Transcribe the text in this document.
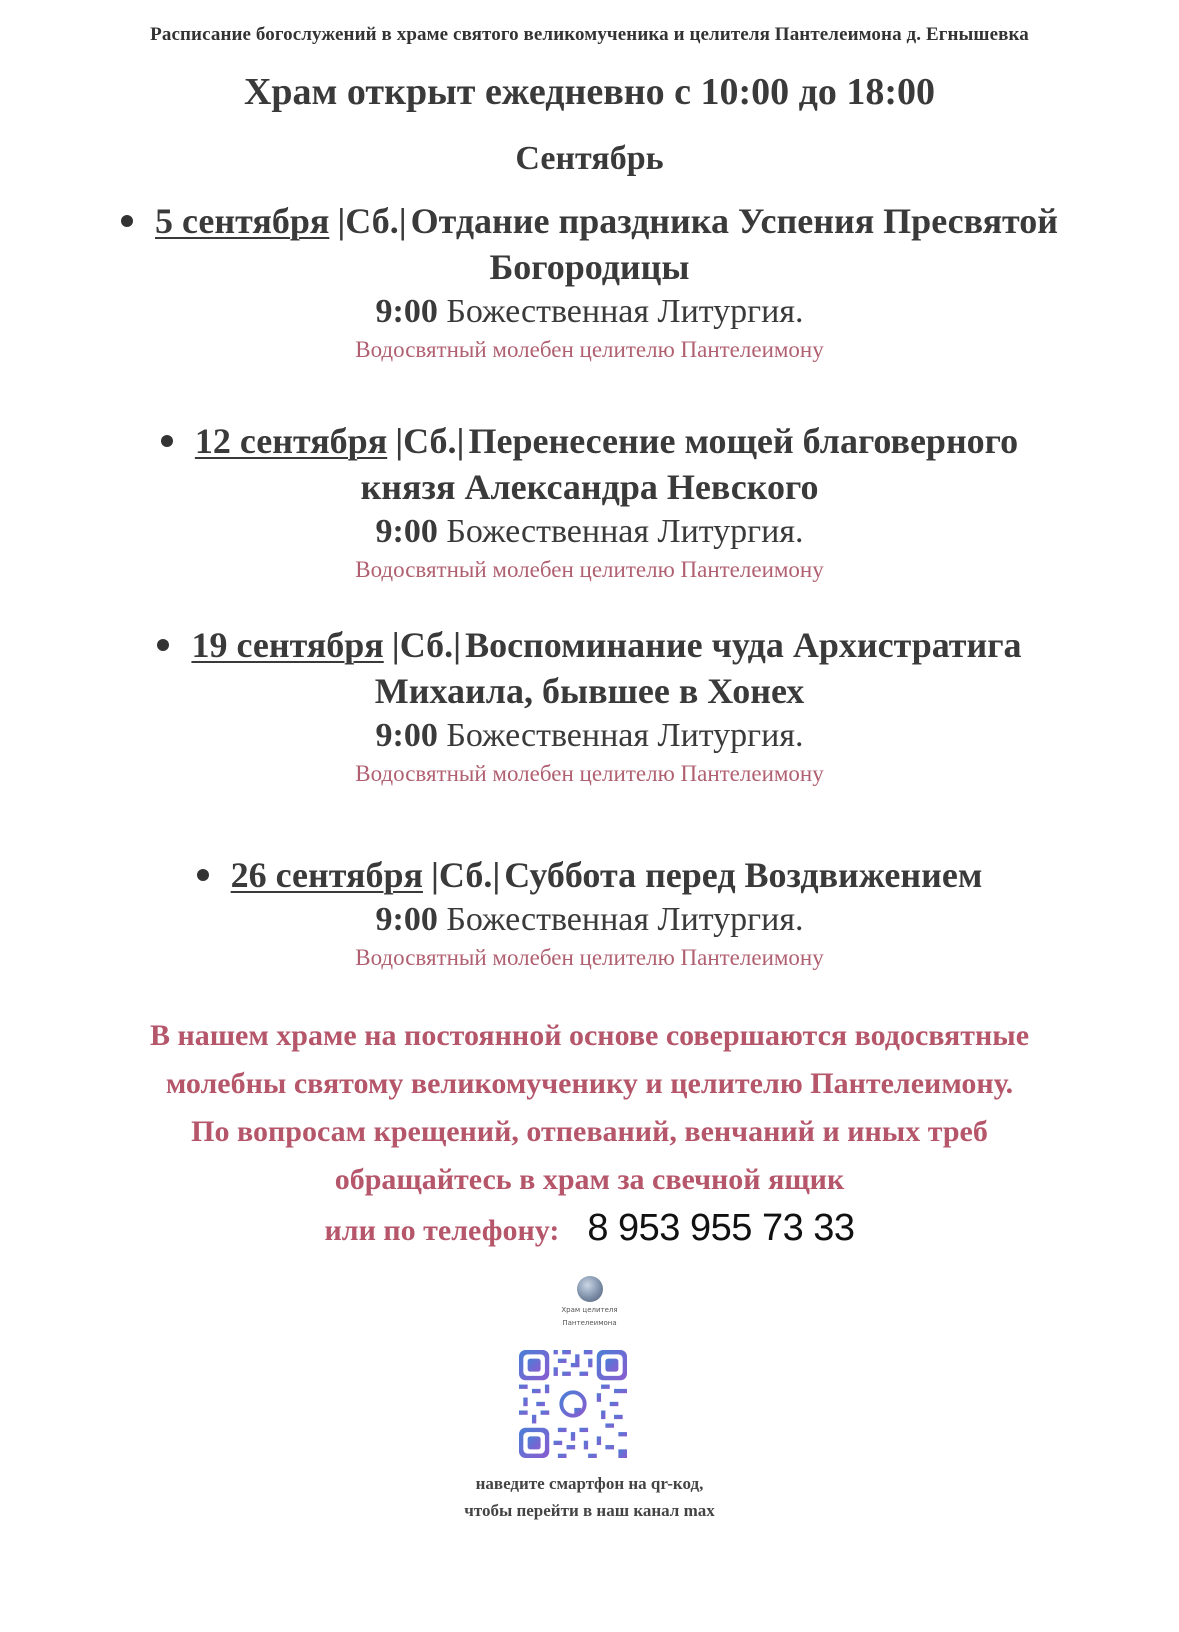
Расписание богослужений в храме святого великомученика и целителя Пантелеимона д. Егнышевка
Храм открыт ежедневно с 10:00 до 18:00
Сентябрь
5 сентября |Сб.| Отдание праздника Успения Пресвятой
Богородицы
9:00 Божественная Литургия.
Водосвятный молебен целителю Пантелеимону
12 сентября |Сб.| Перенесение мощей благоверного
князя Александра Невского
9:00 Божественная Литургия.
Водосвятный молебен целителю Пантелеимону
19 сентября |Сб.| Воспоминание чуда Архистратига
Михаила, бывшее в Хонех
9:00 Божественная Литургия.
Водосвятный молебен целителю Пантелеимону
26 сентября |Сб.| Суббота перед Воздвижением
9:00 Божественная Литургия.
Водосвятный молебен целителю Пантелеимону
В нашем храме на постоянной основе совершаются водосвятные
молебны святому великомученику и целителю Пантелеимону.
По вопросам крещений, отпеваний, венчаний и иных треб
обращайтесь в храм за свечной ящик
или по телефону: 8 953 955 73 33
Храм целителя
Пантелеимона
наведите смартфон на qr-код,
чтобы перейти в наш канал max
